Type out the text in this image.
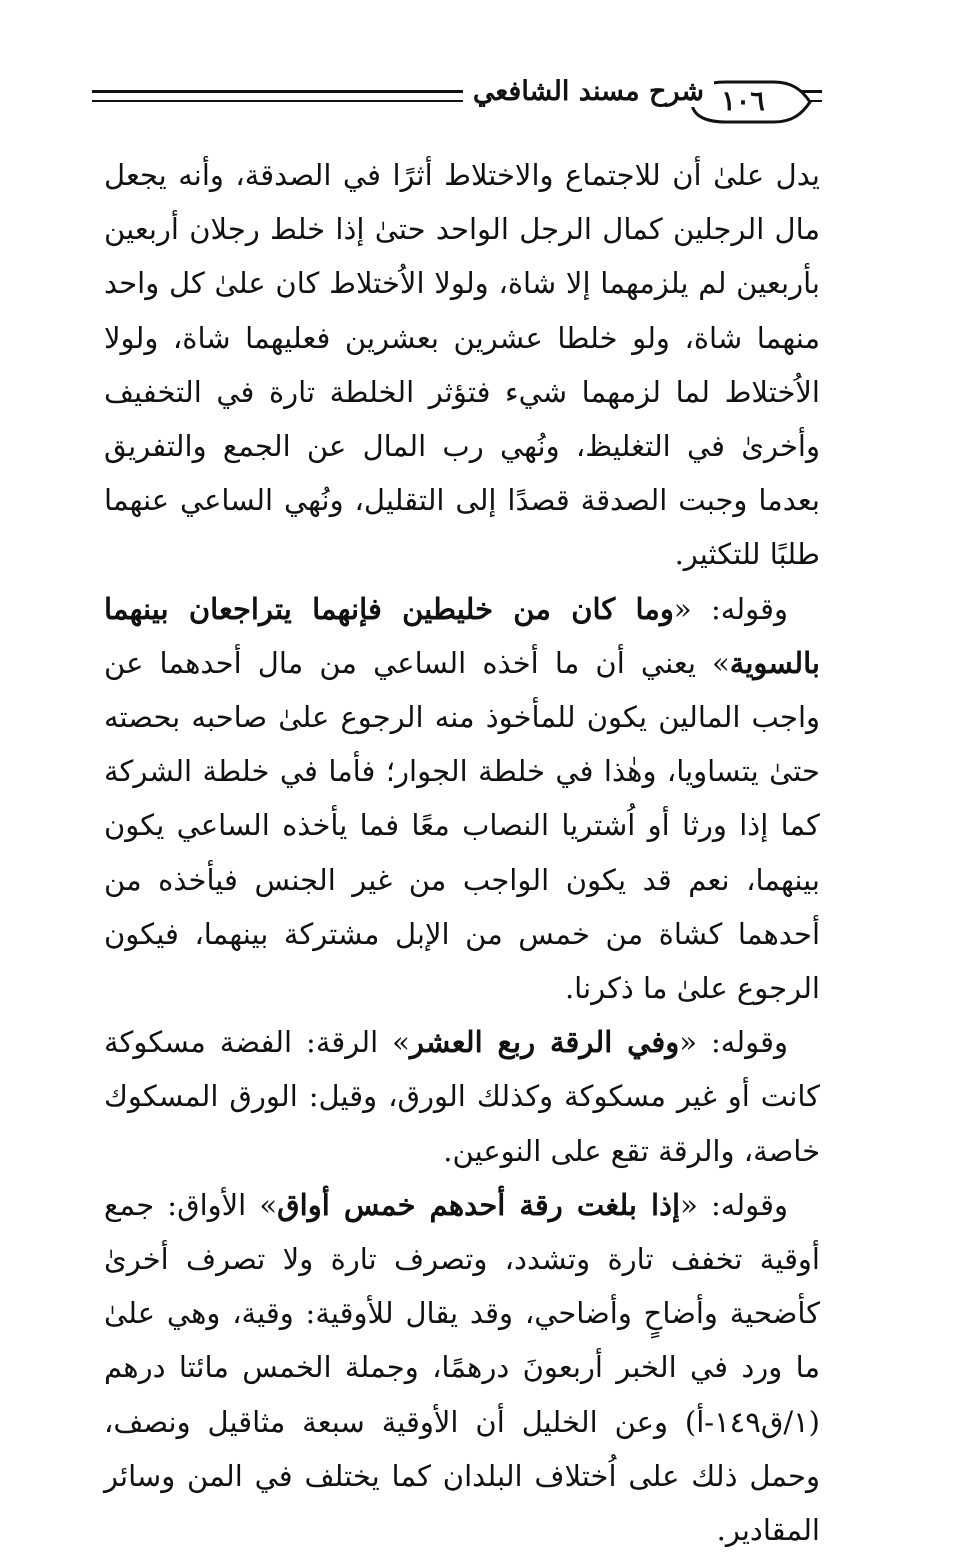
١٠٦
شرح مسند الشافعي

يدل علىٰ أن للاجتماع والاختلاط أثرًا في الصدقة، وأنه يجعل مال الرجلين كمال الرجل الواحد حتىٰ إذا خلط رجلان أربعين بأربعين لم يلزمهما إلا شاة، ولولا الاُختلاط كان علىٰ كل واحد منهما شاة، ولو خلطا عشرين بعشرين فعليهما شاة، ولولا الاُختلاط لما لزمهما شيء فتؤثر الخلطة تارة في التخفيف وأخرىٰ في التغليظ، ونُهي رب المال عن الجمع والتفريق بعدما وجبت الصدقة قصدًا إلى التقليل، ونُهي الساعي عنهما طلبًا للتكثير.

وقوله: «وما كان من خليطين فإنهما يتراجعان بينهما بالسوية» يعني أن ما أخذه الساعي من مال أحدهما عن واجب المالين يكون للمأخوذ منه الرجوع علىٰ صاحبه بحصته حتىٰ يتساويا، وهٰذا في خلطة الجوار؛ فأما في خلطة الشركة كما إذا ورثا أو اُشتريا النصاب معًا فما يأخذه الساعي يكون بينهما، نعم قد يكون الواجب من غير الجنس فيأخذه من أحدهما كشاة من خمس من الإبل مشتركة بينهما، فيكون الرجوع علىٰ ما ذكرنا.

وقوله: «وفي الرقة ربع العشر» الرقة: الفضة مسكوكة كانت أو غير مسكوكة وكذلك الورق، وقيل: الورق المسكوك خاصة، والرقة تقع على النوعين.

وقوله: «إذا بلغت رقة أحدهم خمس أواق» الأواق: جمع أوقية تخفف تارة وتشدد، وتصرف تارة ولا تصرف أخرىٰ كأضحية وأضاحٍ وأضاحي، وقد يقال للأوقية: وقية، وهي علىٰ ما ورد في الخبر أربعونَ درهمًا، وجملة الخمس مائتا درهم (١/ق١٤٩-أ) وعن الخليل أن الأوقية سبعة مثاقيل ونصف، وحمل ذلك على اُختلاف البلدان كما يختلف في المن وسائر المقادير.
